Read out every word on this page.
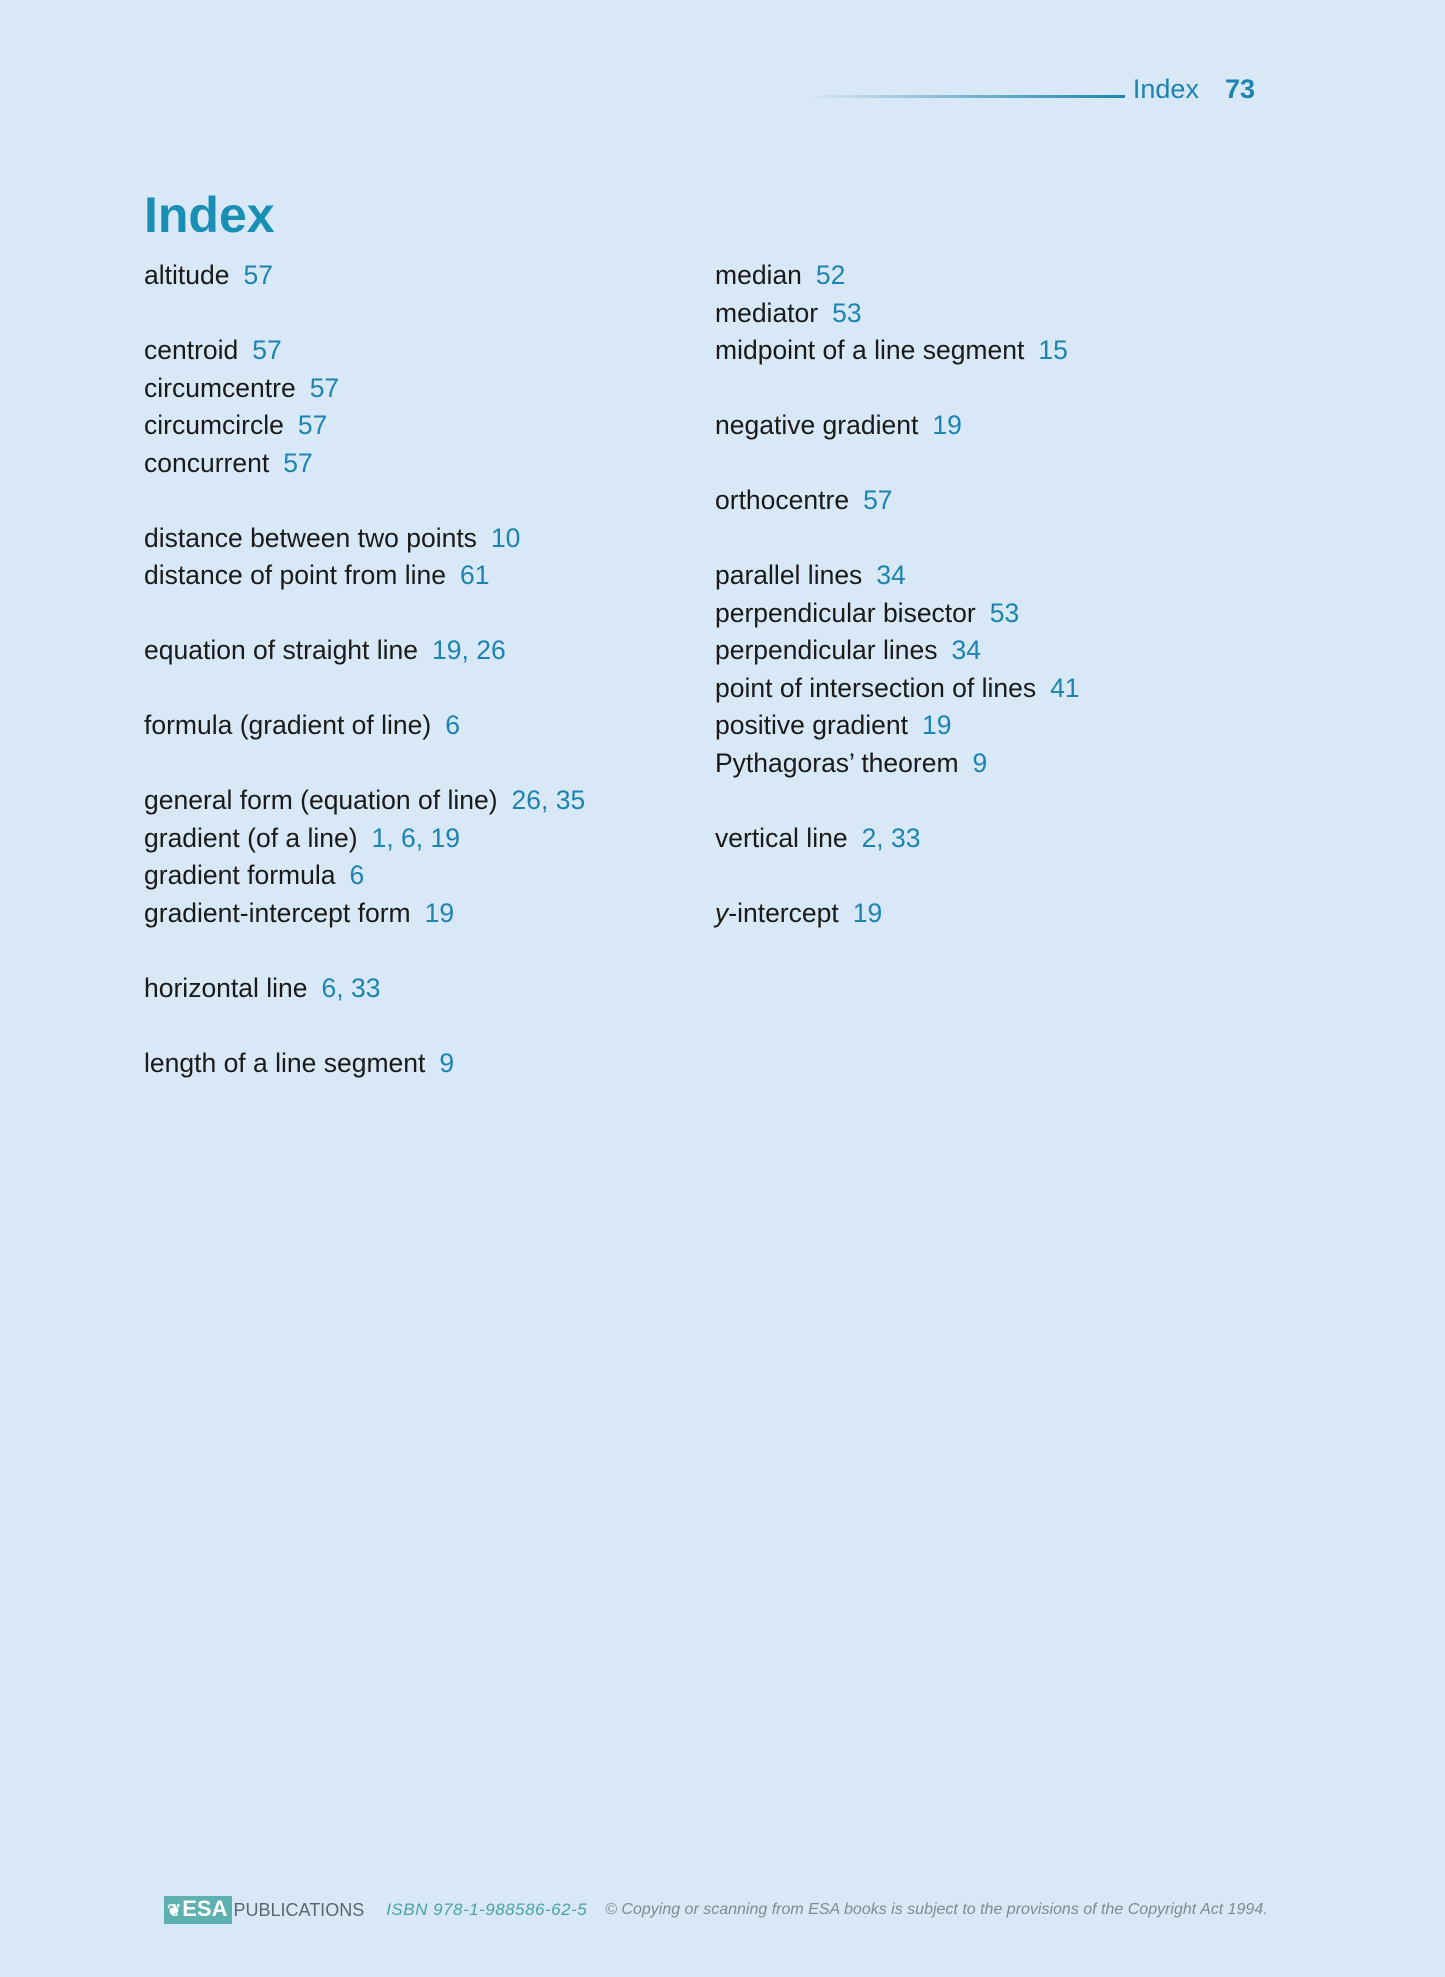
Index 73
Index
altitude 57
centroid 57
circumcentre 57
circumcircle 57
concurrent 57
distance between two points 10
distance of point from line 61
equation of straight line 19, 26
formula (gradient of line) 6
general form (equation of line) 26, 35
gradient (of a line) 1, 6, 19
gradient formula 6
gradient-intercept form 19
horizontal line 6, 33
length of a line segment 9
median 52
mediator 53
midpoint of a line segment 15
negative gradient 19
orthocentre 57
parallel lines 34
perpendicular bisector 53
perpendicular lines 34
point of intersection of lines 41
positive gradient 19
Pythagoras’ theorem 9
vertical line 2, 33
y-intercept 19
❦ESA PUBLICATIONS ISBN 978-1-988586-62-5 © Copying or scanning from ESA books is subject to the provisions of the Copyright Act 1994.
